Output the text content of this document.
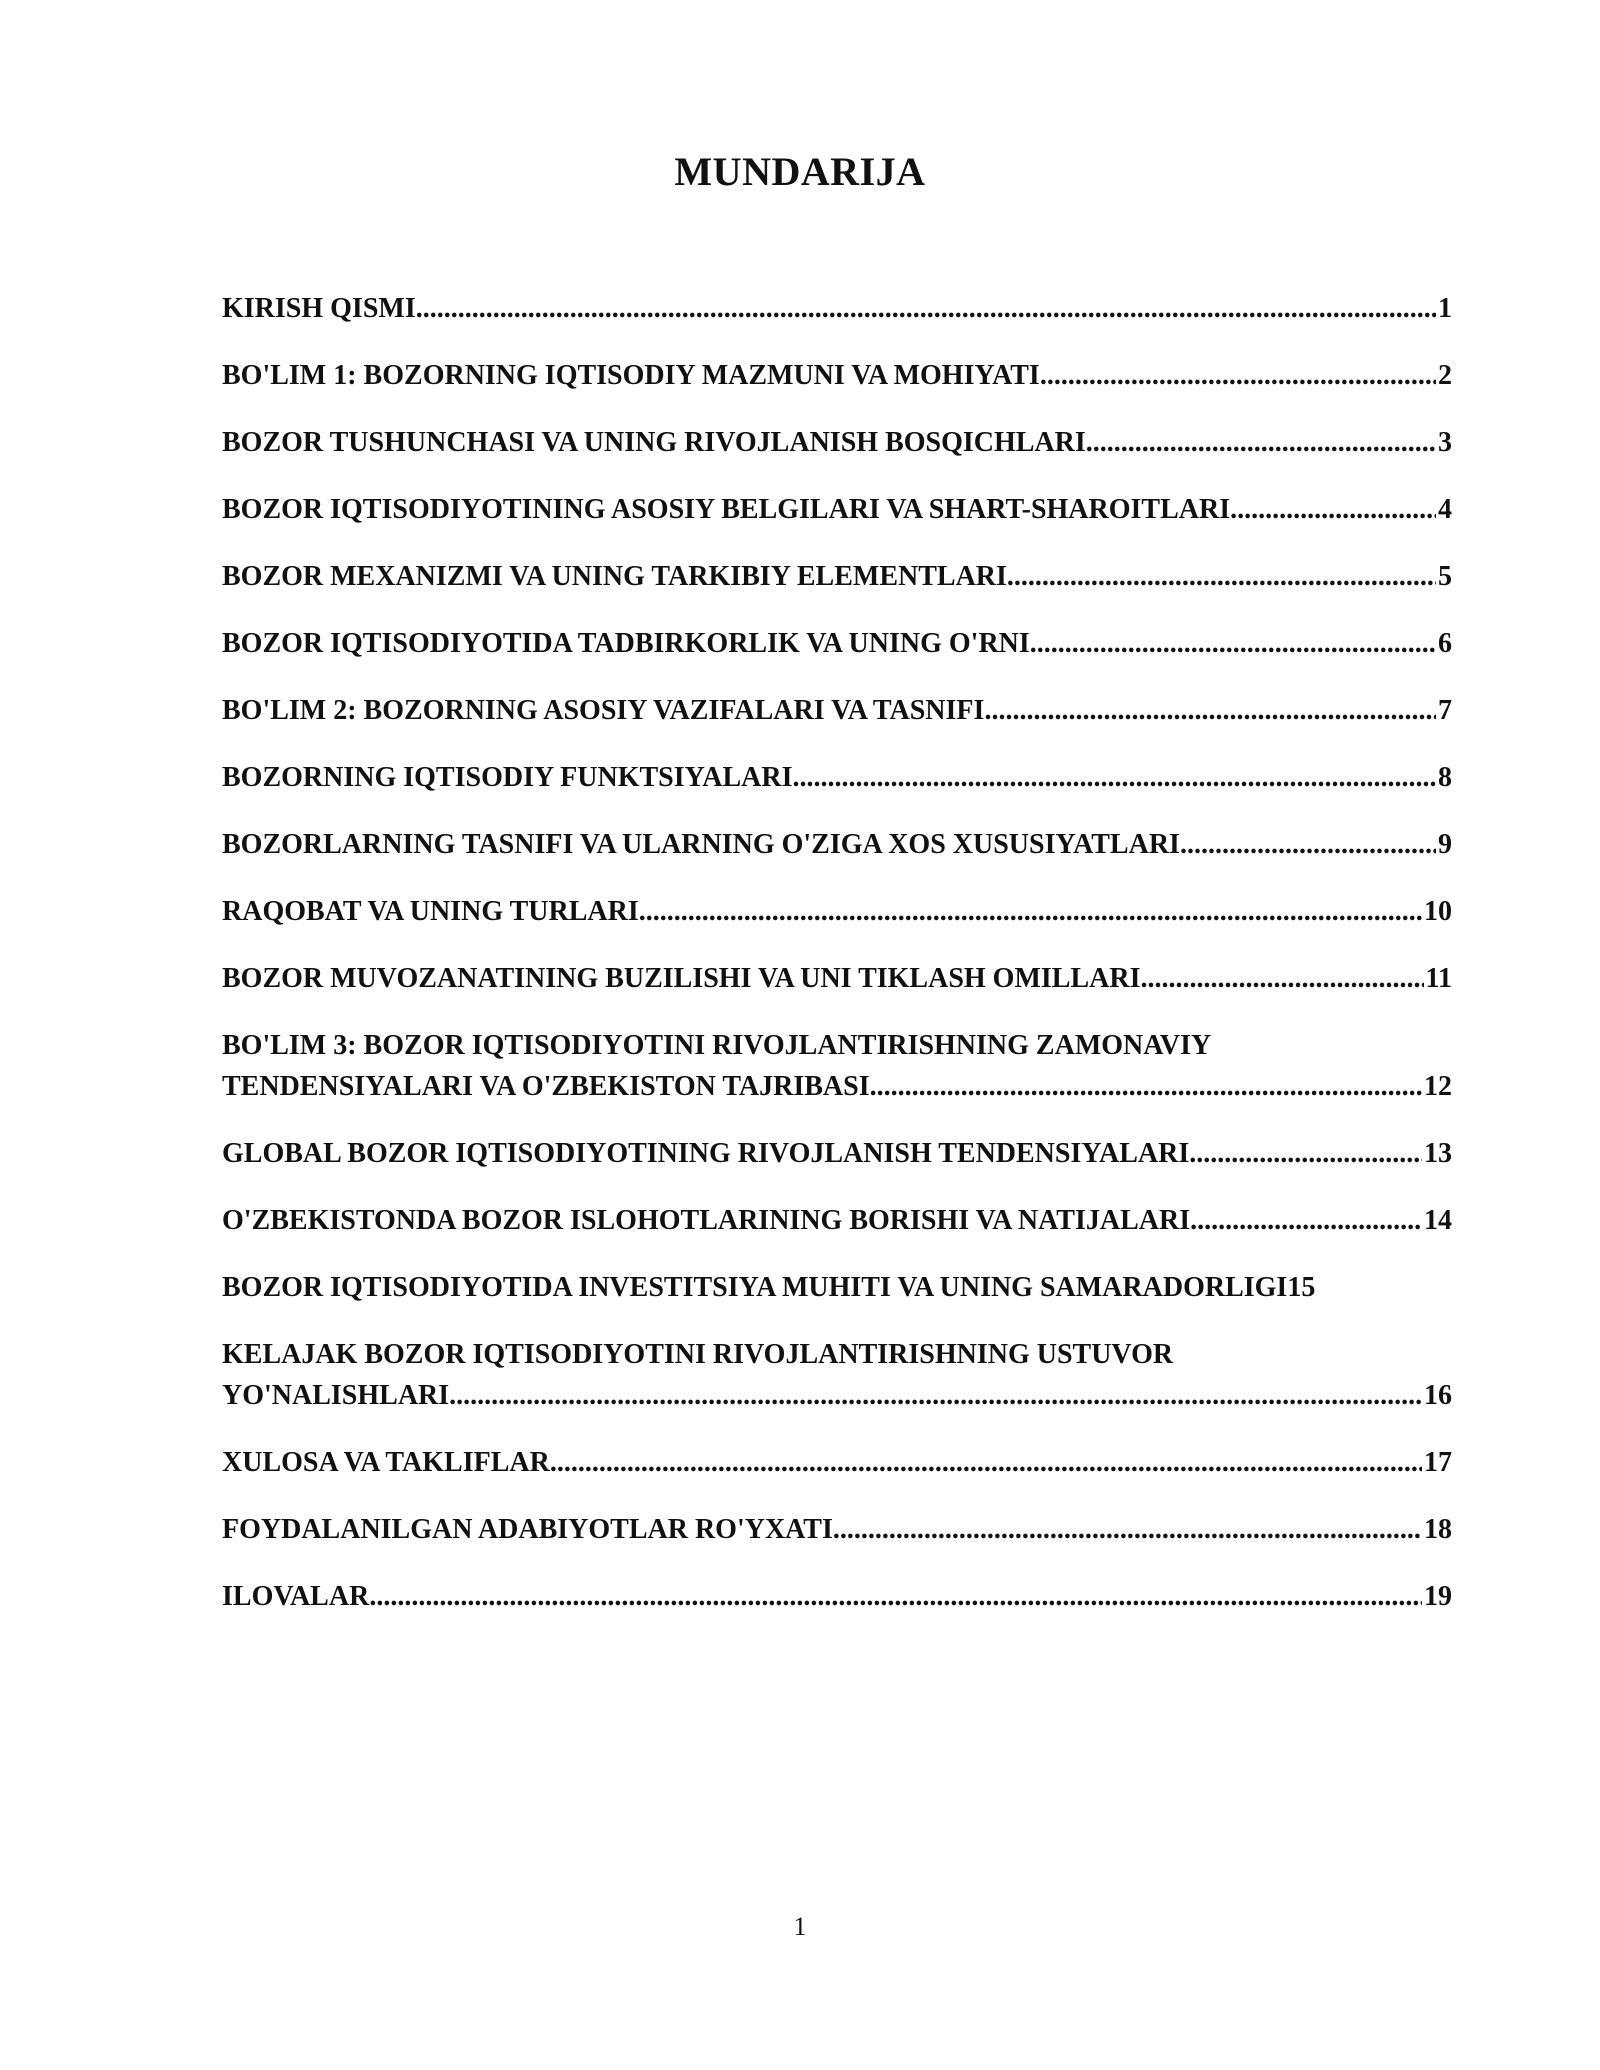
MUNDARIJA
KIRISH QISMI .....	1
BO'LIM 1: BOZORNING IQTISODIY MAZMUNI VA MOHIYATI .....	2
BOZOR TUSHUNCHASI VA UNING RIVOJLANISH BOSQICHLARI .....	3
BOZOR IQTISODIYOTINING ASOSIY BELGILARI VA SHART-SHAROITLARI .....	4
BOZOR MEXANIZMI VA UNING TARKIBIY ELEMENTLARI .....	5
BOZOR IQTISODIYOTIDA TADBIRKORLIK VA UNING O'RNI .....	6
BO'LIM 2: BOZORNING ASOSIY VAZIFALARI VA TASNIFI .....	7
BOZORNING IQTISODIY FUNKTSIYALARI .....	8
BOZORLARNING TASNIFI VA ULARNING O'ZIGA XOS XUSUSIYATLARI .....	9
RAQOBAT VA UNING TURLARI .....	10
BOZOR MUVOZANATINING BUZILISHI VA UNI TIKLASH OMILLARI .....	11
BO'LIM 3: BOZOR IQTISODIYOTINI RIVOJLANTIRISHNING ZAMONAVIY
TENDENSIYALARI VA O'ZBEKISTON TAJRIBASI .....	12
GLOBAL BOZOR IQTISODIYOTINING RIVOJLANISH TENDENSIYALARI .....	13
O'ZBEKISTONDA BOZOR ISLOHOTLARINING BORISHI VA NATIJALARI .....	14
BOZOR IQTISODIYOTIDA INVESTITSIYA MUHITI VA UNING SAMARADORLIGI 15
KELAJAK BOZOR IQTISODIYOTINI RIVOJLANTIRISHNING USTUVOR
YO'NALISHLARI .....	16
XULOSA VA TAKLIFLAR .....	17
FOYDALANILGAN ADABIYOTLAR RO'YXATI .....	18
ILOVALAR .....	19
1
